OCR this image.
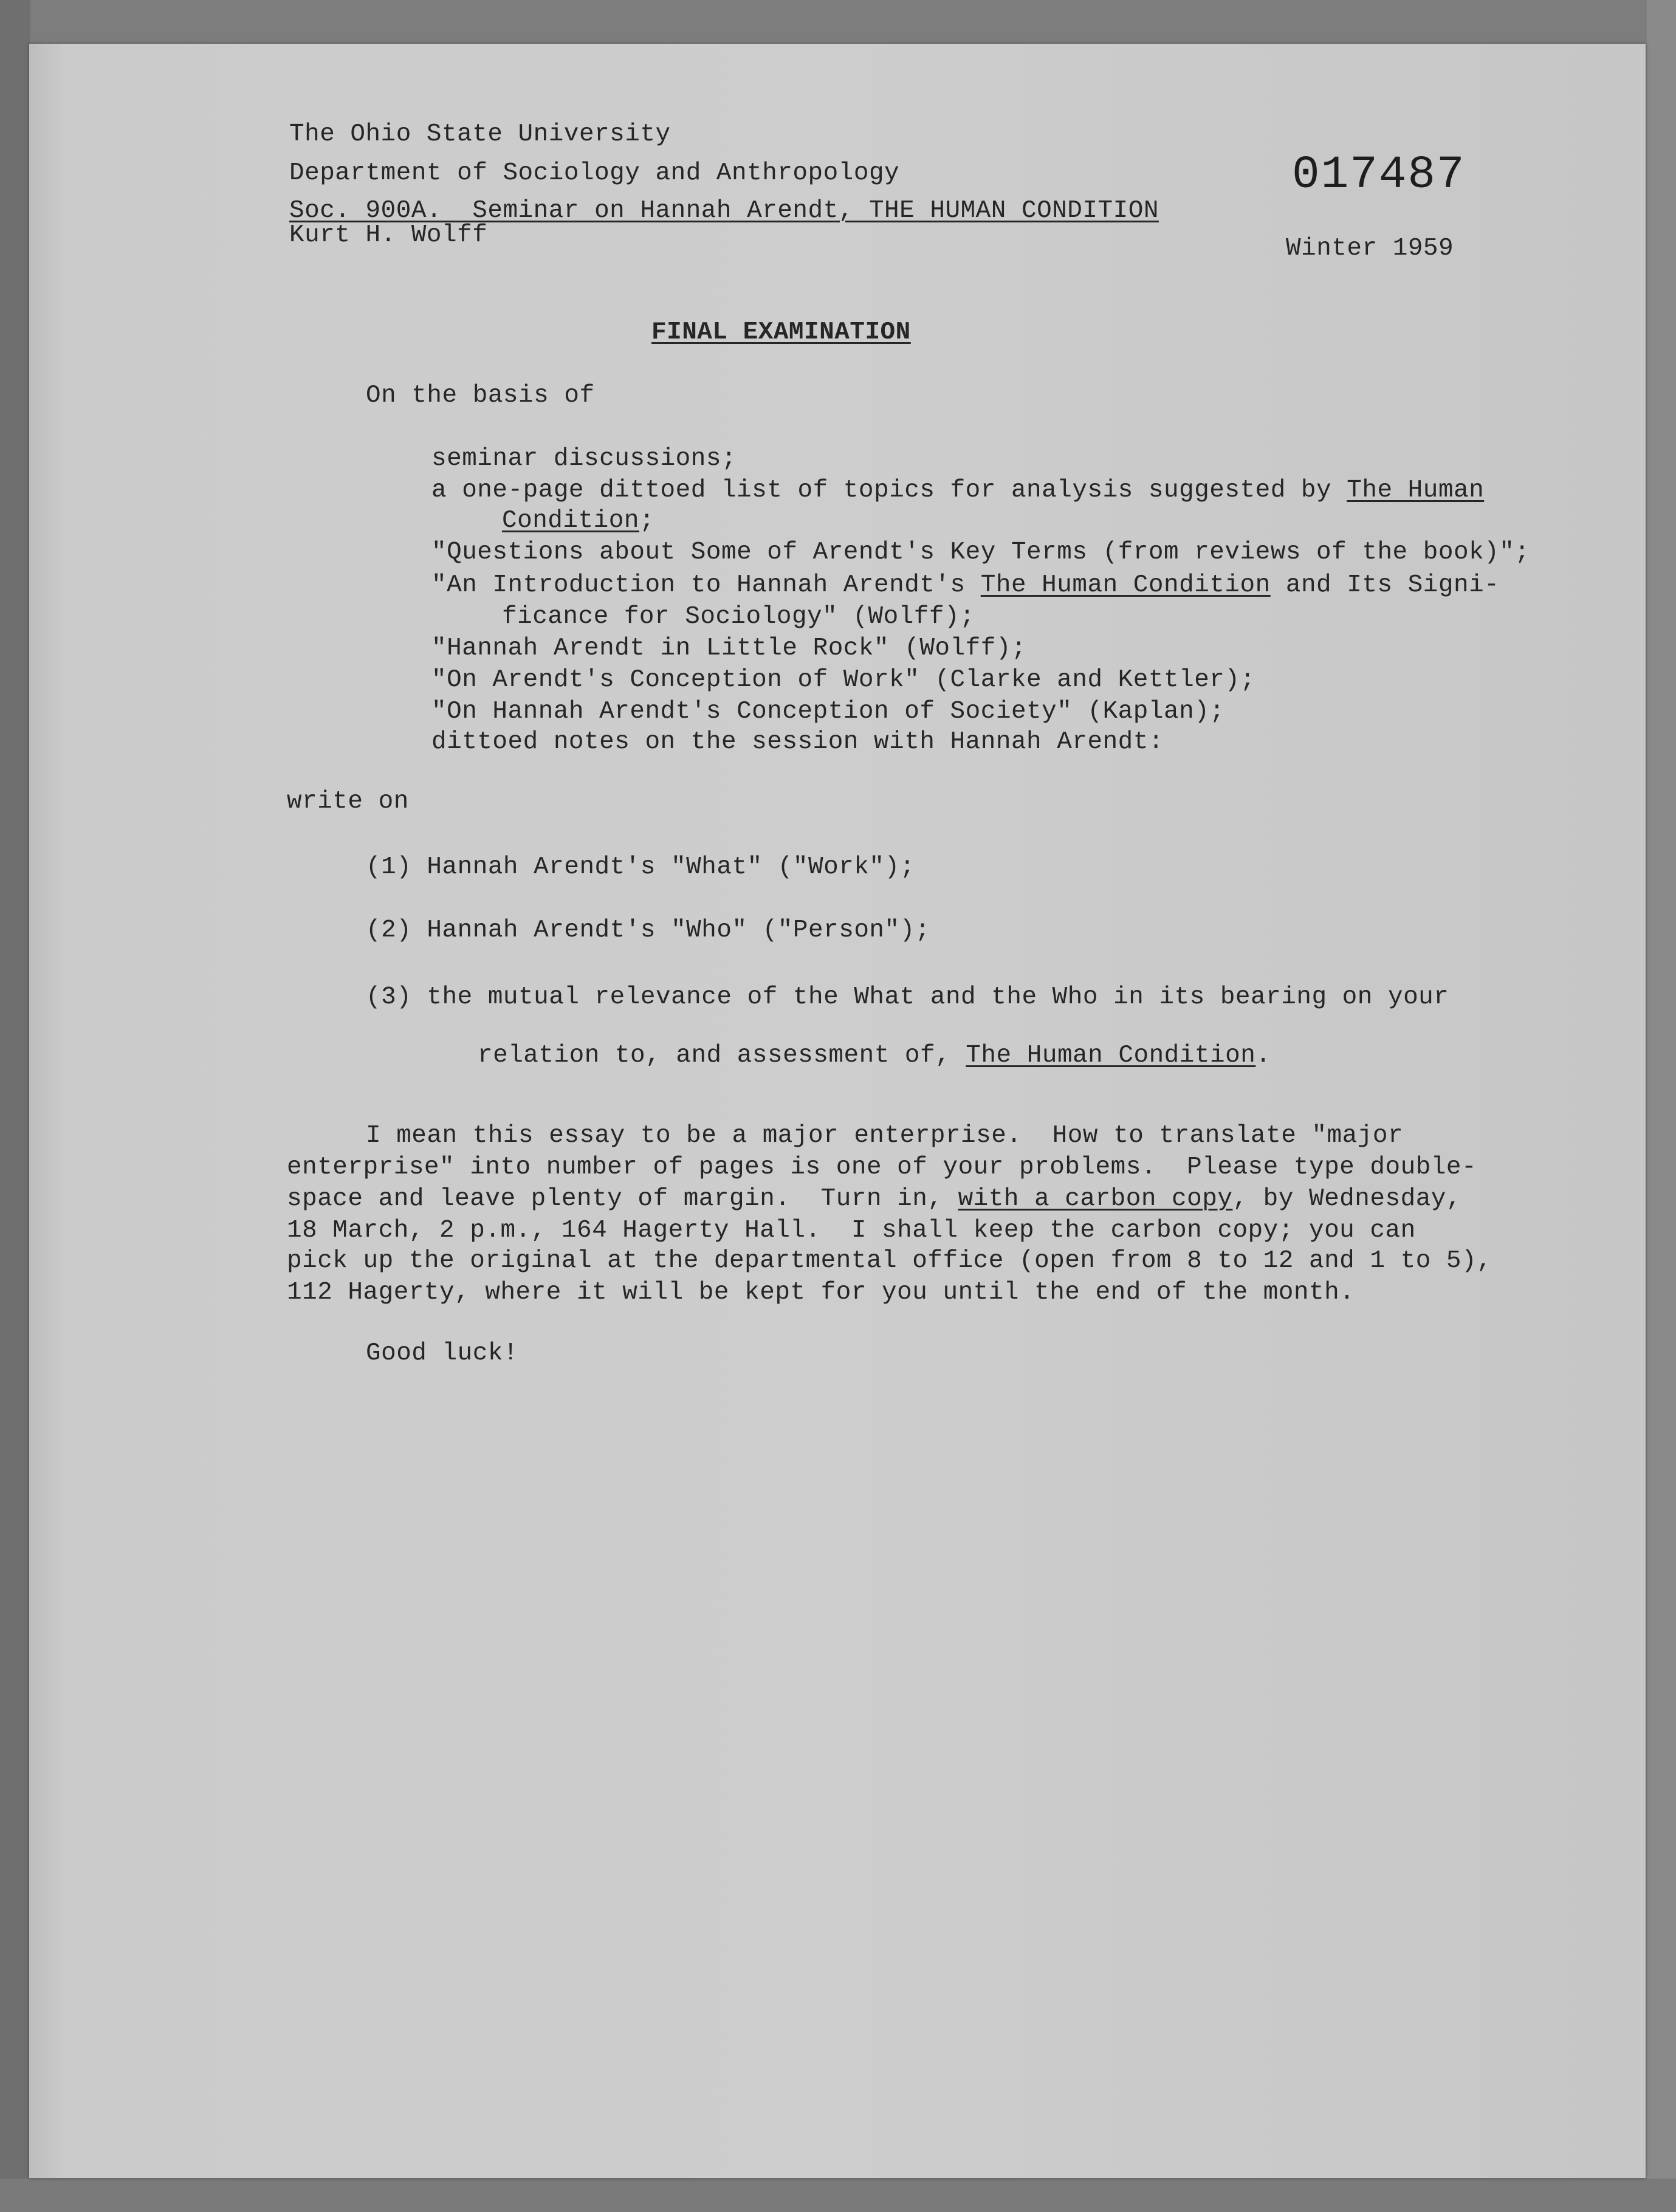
017487
The Ohio State University
Department of Sociology and Anthropology
Soc. 900A.  Seminar on Hannah Arendt, THE HUMAN CONDITION
Kurt H. Wolff	Winter 1959
FINAL EXAMINATION
On the basis of
seminar discussions;
a one-page dittoed list of topics for analysis suggested by The Human
Condition;
"Questions about Some of Arendt's Key Terms (from reviews of the book)";
"An Introduction to Hannah Arendt's The Human Condition and Its Signi-
ficance for Sociology" (Wolff);
"Hannah Arendt in Little Rock" (Wolff);
"On Arendt's Conception of Work" (Clarke and Kettler);
"On Hannah Arendt's Conception of Society" (Kaplan);
dittoed notes on the session with Hannah Arendt:
write on
(1) Hannah Arendt's "What" ("Work");
(2) Hannah Arendt's "Who" ("Person");
(3) the mutual relevance of the What and the Who in its bearing on your
relation to, and assessment of, The Human Condition.
I mean this essay to be a major enterprise.  How to translate "major
enterprise" into number of pages is one of your problems.  Please type double-
space and leave plenty of margin.  Turn in, with a carbon copy, by Wednesday,
18 March, 2 p.m., 164 Hagerty Hall.  I shall keep the carbon copy; you can
pick up the original at the departmental office (open from 8 to 12 and 1 to 5),
112 Hagerty, where it will be kept for you until the end of the month.
Good luck!
